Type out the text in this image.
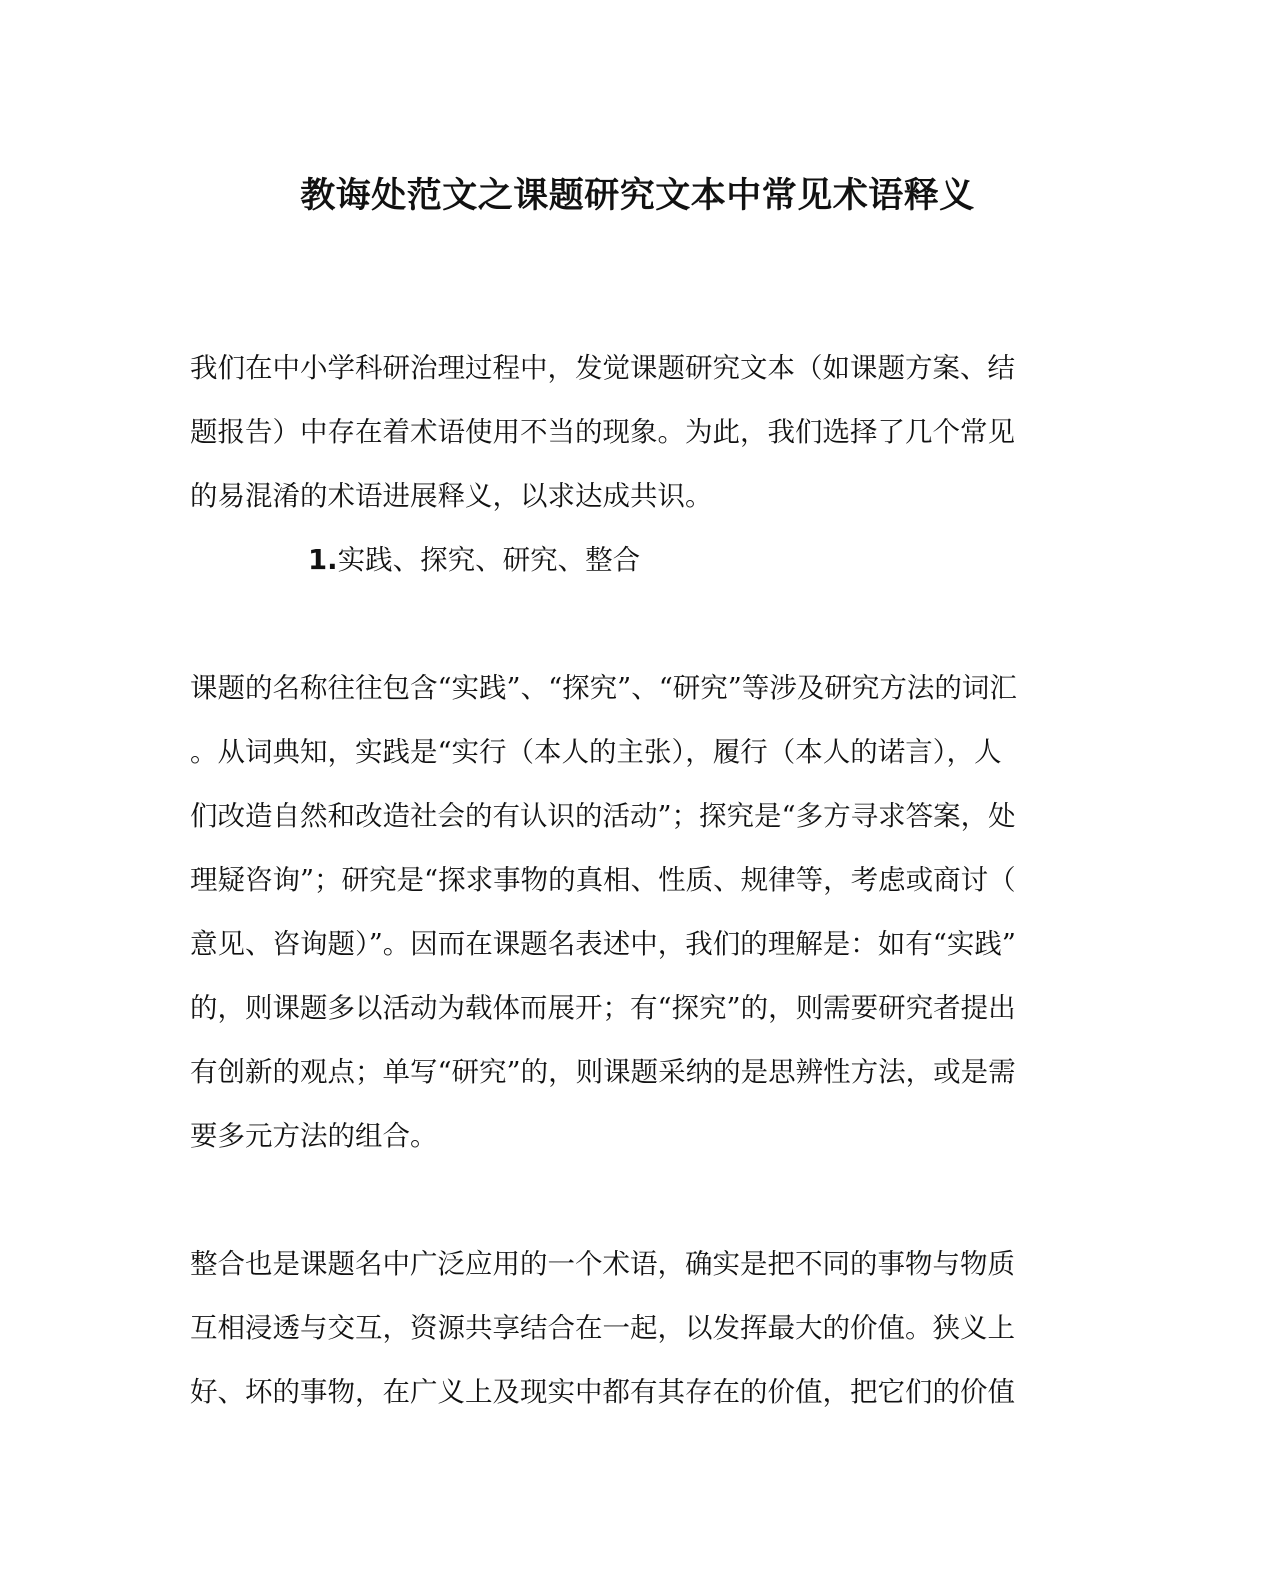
教诲处范文之课题研究文本中常见术语释义

我们在中小学科研治理过程中，发觉课题研究文本（如课题方案、结
题报告）中存在着术语使用不当的现象。为此，我们选择了几个常见
的易混淆的术语进展释义，以求达成共识。

1.实践、探究、研究、整合

课题的名称往往包含“实践”、“探究”、“研究”等涉及研究方法的词汇
。从词典知，实践是“实行（本人的主张），履行（本人的诺言），人
们改造自然和改造社会的有认识的活动”；探究是“多方寻求答案，处
理疑咨询”；研究是“探求事物的真相、性质、规律等，考虑或商讨（
意见、咨询题）”。因而在课题名表述中，我们的理解是：如有“实践”
的，则课题多以活动为载体而展开；有“探究”的，则需要研究者提出
有创新的观点；单写“研究”的，则课题采纳的是思辨性方法，或是需
要多元方法的组合。

整合也是课题名中广泛应用的一个术语，确实是把不同的事物与物质
互相浸透与交互，资源共享结合在一起，以发挥最大的价值。狭义上
好、坏的事物，在广义上及现实中都有其存在的价值，把它们的价值
